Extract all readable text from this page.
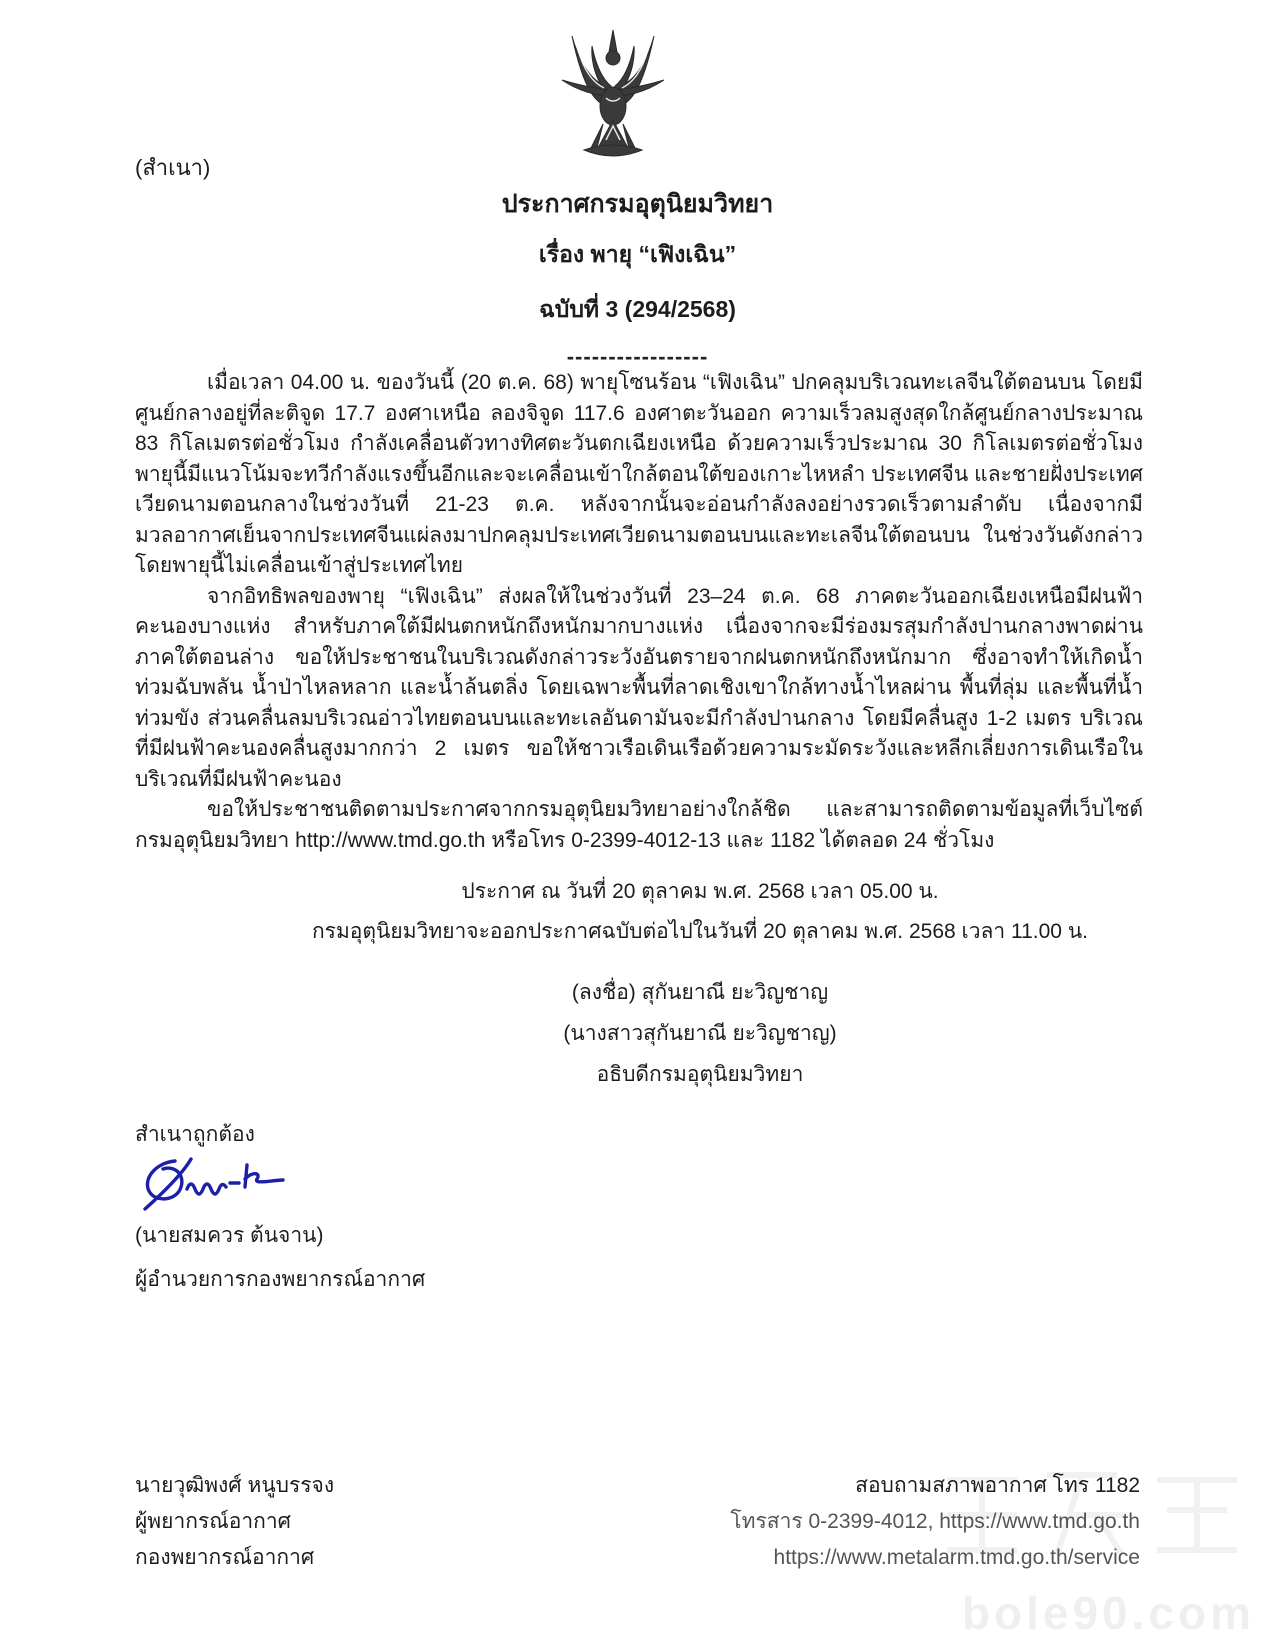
(สำเนา)
ประกาศกรมอุตุนิยมวิทยา
เรื่อง พายุ “เฟิงเฉิน”
ฉบับที่ 3 (294/2568)
-----------------

เมื่อเวลา 04.00 น. ของวันนี้ (20 ต.ค. 68) พายุโซนร้อน “เฟิงเฉิน” ปกคลุมบริเวณทะเลจีนใต้ตอนบน โดยมีศูนย์กลางอยู่ที่ละติจูด 17.7 องศาเหนือ ลองจิจูด 117.6 องศาตะวันออก ความเร็วลมสูงสุดใกล้ศูนย์กลางประมาณ 83 กิโลเมตรต่อชั่วโมง กำลังเคลื่อนตัวทางทิศตะวันตกเฉียงเหนือ ด้วยความเร็วประมาณ 30 กิโลเมตรต่อชั่วโมง พายุนี้มีแนวโน้มจะทวีกำลังแรงขึ้นอีกและจะเคลื่อนเข้าใกล้ตอนใต้ของเกาะไหหลำ ประเทศจีน และชายฝั่งประเทศเวียดนามตอนกลางในช่วงวันที่ 21-23 ต.ค. หลังจากนั้นจะอ่อนกำลังลงอย่างรวดเร็วตามลำดับ เนื่องจากมีมวลอากาศเย็นจากประเทศจีนแผ่ลงมาปกคลุมประเทศเวียดนามตอนบนและทะเลจีนใต้ตอนบน ในช่วงวันดังกล่าว โดยพายุนี้ไม่เคลื่อนเข้าสู่ประเทศไทย

จากอิทธิพลของพายุ “เฟิงเฉิน” ส่งผลให้ในช่วงวันที่ 23–24 ต.ค. 68 ภาคตะวันออกเฉียงเหนือมีฝนฟ้าคะนองบางแห่ง สำหรับภาคใต้มีฝนตกหนักถึงหนักมากบางแห่ง เนื่องจากจะมีร่องมรสุมกำลังปานกลางพาดผ่านภาคใต้ตอนล่าง ขอให้ประชาชนในบริเวณดังกล่าวระวังอันตรายจากฝนตกหนักถึงหนักมาก ซึ่งอาจทำให้เกิดน้ำท่วมฉับพลัน น้ำป่าไหลหลาก และน้ำล้นตลิ่ง โดยเฉพาะพื้นที่ลาดเชิงเขาใกล้ทางน้ำไหลผ่าน พื้นที่ลุ่ม และพื้นที่น้ำท่วมขัง ส่วนคลื่นลมบริเวณอ่าวไทยตอนบนและทะเลอันดามันจะมีกำลังปานกลาง โดยมีคลื่นสูง 1-2 เมตร บริเวณที่มีฝนฟ้าคะนองคลื่นสูงมากกว่า 2 เมตร ขอให้ชาวเรือเดินเรือด้วยความระมัดระวังและหลีกเลี่ยงการเดินเรือในบริเวณที่มีฝนฟ้าคะนอง

ขอให้ประชาชนติดตามประกาศจากกรมอุตุนิยมวิทยาอย่างใกล้ชิด และสามารถติดตามข้อมูลที่เว็บไซต์กรมอุตุนิยมวิทยา http://www.tmd.go.th หรือโทร 0-2399-4012-13 และ 1182 ได้ตลอด 24 ชั่วโมง

ประกาศ ณ วันที่ 20 ตุลาคม พ.ศ. 2568 เวลา 05.00 น.
กรมอุตุนิยมวิทยาจะออกประกาศฉบับต่อไปในวันที่ 20 ตุลาคม พ.ศ. 2568 เวลา 11.00 น.
(ลงชื่อ) สุกันยาณี ยะวิญชาญ
(นางสาวสุกันยาณี ยะวิญชาญ)
อธิบดีกรมอุตุนิยมวิทยา
สำเนาถูกต้อง
(นายสมควร ต้นจาน)
ผู้อำนวยการกองพยากรณ์อากาศ
นายวุฒิพงศ์ หนูบรรจง
ผู้พยากรณ์อากาศ
กองพยากรณ์อากาศ
สอบถามสภาพอากาศ โทร 1182
โทรสาร 0-2399-4012, https://www.tmd.go.th
https://www.metalarm.tmd.go.th/service
bole90.com
